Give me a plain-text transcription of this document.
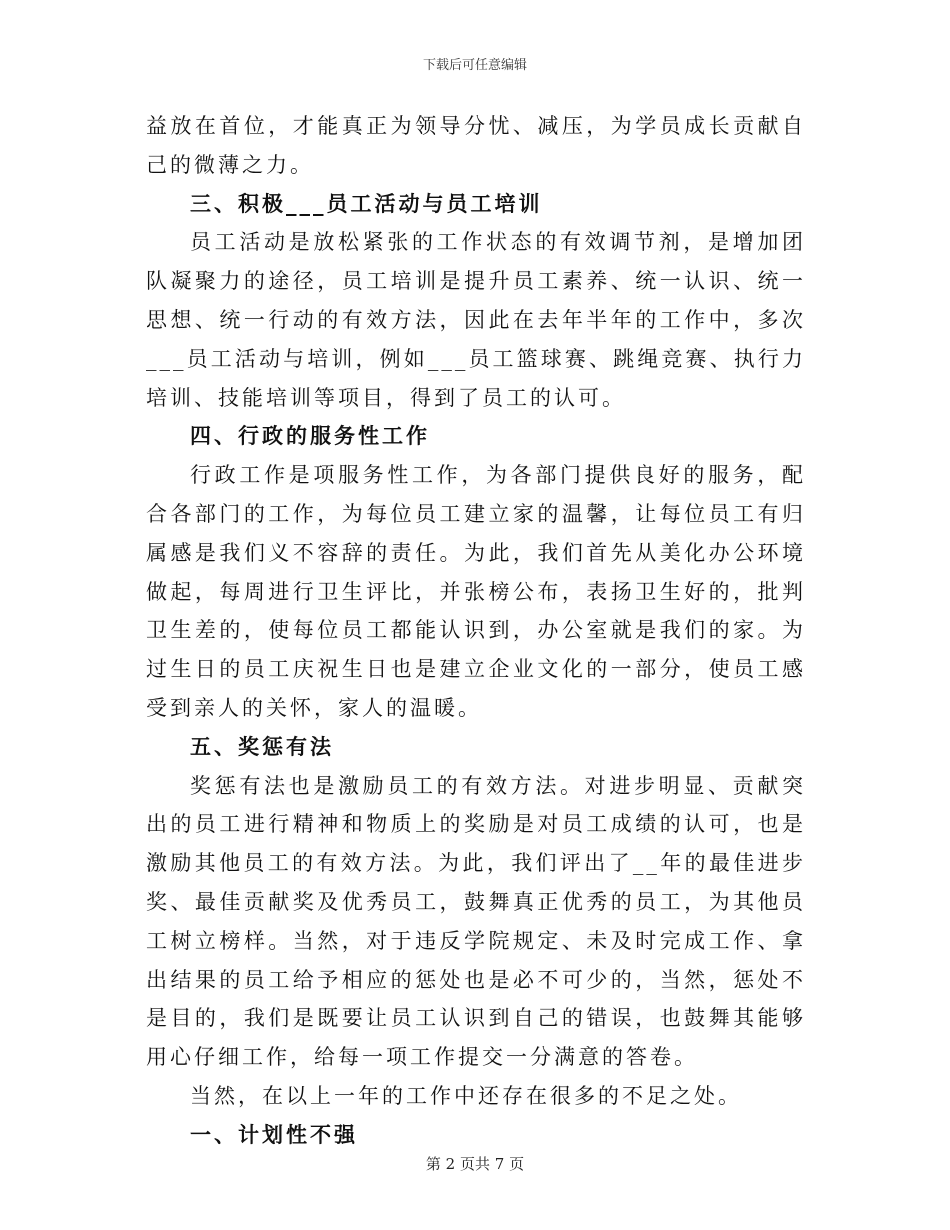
下载后可任意编辑

益放在首位，才能真正为领导分忧、减压，为学员成长贡献自己的微薄之力。

三、积极___员工活动与员工培训

员工活动是放松紧张的工作状态的有效调节剂，是增加团队凝聚力的途径，员工培训是提升员工素养、统一认识、统一思想、统一行动的有效方法，因此在去年半年的工作中，多次___员工活动与培训，例如___员工篮球赛、跳绳竞赛、执行力培训、技能培训等项目，得到了员工的认可。

四、行政的服务性工作

行政工作是项服务性工作，为各部门提供良好的服务，配合各部门的工作，为每位员工建立家的温馨，让每位员工有归属感是我们义不容辞的责任。为此，我们首先从美化办公环境做起，每周进行卫生评比，并张榜公布，表扬卫生好的，批判卫生差的，使每位员工都能认识到，办公室就是我们的家。为过生日的员工庆祝生日也是建立企业文化的一部分，使员工感受到亲人的关怀，家人的温暖。

五、奖惩有法

奖惩有法也是激励员工的有效方法。对进步明显、贡献突出的员工进行精神和物质上的奖励是对员工成绩的认可，也是激励其他员工的有效方法。为此，我们评出了__年的最佳进步奖、最佳贡献奖及优秀员工，鼓舞真正优秀的员工，为其他员工树立榜样。当然，对于违反学院规定、未及时完成工作、拿出结果的员工给予相应的惩处也是必不可少的，当然，惩处不是目的，我们是既要让员工认识到自己的错误，也鼓舞其能够用心仔细工作，给每一项工作提交一分满意的答卷。

当然，在以上一年的工作中还存在很多的不足之处。

一、计划性不强

第 2 页共 7 页
